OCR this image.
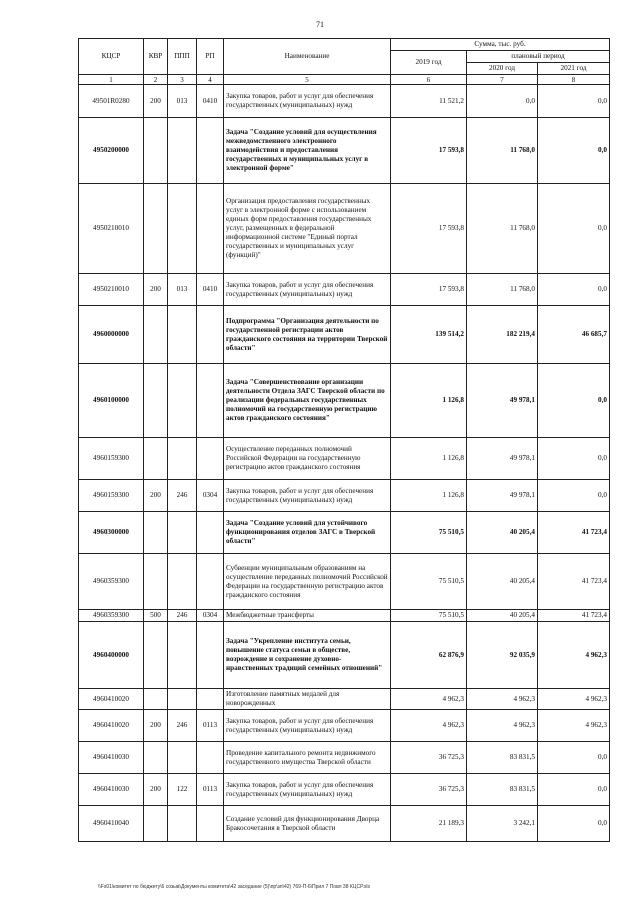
71
КЦСР	КВР	ППП	РП	Наименование	Сумма, тыс. руб.		
					2019 год	плановый период	
						2020 год	2021 год
1	2	3	4	5	6	7	8
49501R0280	200	013	0410	Закупка товаров, работ и услуг для обеспечения государственных (муниципальных) нужд	11 521,2	0,0	0,0
4950200000				Задача "Создание условий для осуществления межведомственного электронного взаимодействия и предоставления государственных и муниципальных услуг в электронной форме"	17 593,8	11 768,0	0,0
4950210010				Организация предоставления государственных услуг в электронной форме с использованием единых форм предоставления государственных услуг, размещенных в федеральной информационной системе "Единый портал государственных и муниципальных услуг (функций)"	17 593,8	11 768,0	0,0
4950210010	200	013	0410	Закупка товаров, работ и услуг для обеспечения государственных (муниципальных) нужд	17 593,8	11 768,0	0,0
4960000000				Подпрограмма "Организация деятельности по государственной регистрации актов гражданского состояния на территории Тверской области"	139 514,2	182 219,4	46 685,7
4960100000				Задача "Совершенствование организации деятельности Отдела ЗАГС Тверской области по реализации федеральных государственных полномочий на государственную регистрацию актов гражданского состояния"	1 126,8	49 978,1	0,0
4960159300				Осуществление переданных полномочий Российской Федерации на государственную регистрацию актов гражданского состояния	1 126,8	49 978,1	0,0
4960159300	200	246	0304	Закупка товаров, работ и услуг для обеспечения государственных (муниципальных) нужд	1 126,8	49 978,1	0,0
4960300000				Задача "Создание условий для устойчивого функционирования отделов ЗАГС в Тверской области"	75 510,5	40 205,4	41 723,4
4960359300				Субвенции муниципальным образованиям на осуществление переданных полномочий Российской Федерации на государственную регистрацию актов гражданского состояния	75 510,5	40 205,4	41 723,4
4960359300	500	246	0304	Межбюджетные трансферты	75 510,5	40 205,4	41 723,4
4960400000				Задача "Укрепление института семьи, повышение статуса семьи в обществе, возрождение и сохранение духовно-нравственных традиций семейных отношений"	62 876,9	92 035,9	4 962,3
4960410020				Изготовление памятных медалей для новорожденных	4 962,3	4 962,3	4 962,3
4960410020	200	246	0113	Закупка товаров, работ и услуг для обеспечения государственных (муниципальных) нужд	4 962,3	4 962,3	4 962,3
4960410030				Проведение капитального ремонта недвижимого государственного имущества Тверской области	36 725,3	83 831,5	0,0
4960410030	200	122	0113	Закупка товаров, работ и услуг для обеспечения государственных (муниципальных) нужд	36 725,3	83 831,5	0,0
4960410040				Создание условий для функционирования Дворца Бракосочетания в Тверской области	21 189,3	3 242,1	0,0
\\Fs01\комитет по бюджету\6 созыв\Документы комитета\42 заседание (5)\пр\зп\42) 769-П-6\Прил 7 Повл 38 КЦСР.xls
